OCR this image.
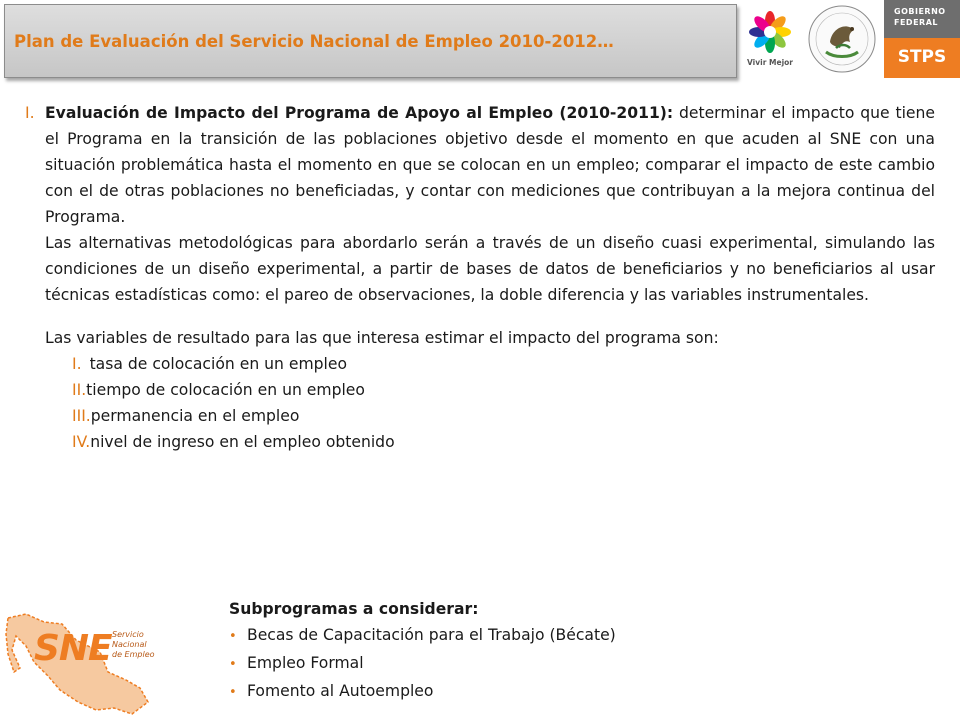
Plan de Evaluación del Servicio Nacional de Empleo 2010-2012…
Vivir Mejor
GOBIERNO
FEDERAL
STPS
I. Evaluación de Impacto del Programa de Apoyo al Empleo (2010-2011): determinar el impacto que tiene el Programa en la transición de las poblaciones objetivo desde el momento en que acuden al SNE con una situación problemática hasta el momento en que se colocan en un empleo; comparar el impacto de este cambio con el de otras poblaciones no beneficiadas, y contar con mediciones que contribuyan a la mejora continua del Programa.
Las alternativas metodológicas para abordarlo serán a través de un diseño cuasi experimental, simulando las condiciones de un diseño experimental, a partir de bases de datos de beneficiarios y no beneficiarios al usar técnicas estadísticas como: el pareo de observaciones, la doble diferencia y las variables instrumentales.
Las variables de resultado para las que interesa estimar el impacto del programa son:
I. tasa de colocación en un empleo
II.tiempo de colocación en un empleo
III.permanencia en el empleo
IV.nivel de ingreso en el empleo obtenido
SNE Servicio
Nacional
de Empleo
Subprogramas a considerar:
• Becas de Capacitación para el Trabajo (Bécate)
• Empleo Formal
• Fomento al Autoempleo
